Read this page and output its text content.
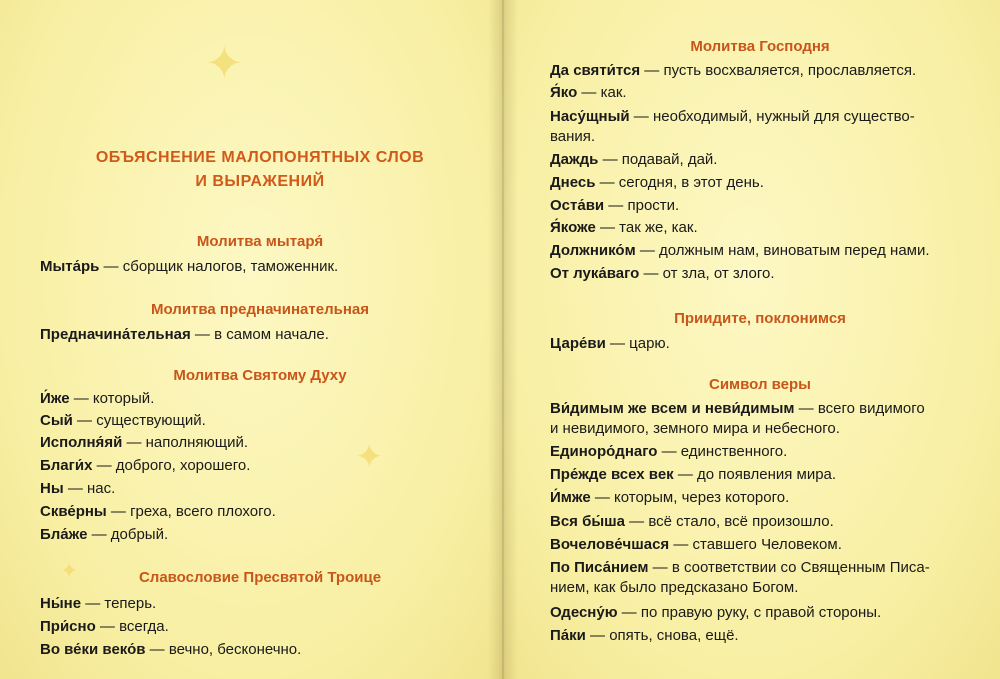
✦
✦
✦
ОБЪЯСНЕНИЕ МАЛОПОНЯТНЫХ СЛОВ
И ВЫРАЖЕНИЙ
Молитва мытаря́
Мыта́рь — сборщик налогов, таможенник.
Молитва предначинательная
Предначина́тельная — в самом начале.
Молитва Святому Духу
И́же — который.
Сый — существующий.
Исполня́яй — наполняющий.
Благи́х — доброго, хорошего.
Ны — нас.
Скве́рны — греха, всего плохого.
Бла́же — добрый.
Славословие Пресвятой Троице
Ны́не — теперь.
При́сно — всегда.
Во ве́ки веко́в — вечно, бесконечно.
Молитва Господня
Да святи́тся — пусть восхваляется, прославляется.
Я́ко — как.
Насу́щный — необходимый, нужный для существо-
вания.
Даждь — подавай, дай.
Днесь — сегодня, в этот день.
Оста́ви — прости.
Я́коже — так же, как.
Должнико́м — должным нам, виноватым перед нами.
От лука́ваго — от зла, от злого.
Приидите, поклонимся
Царе́ви — царю.
Символ веры
Ви́димым же всем и неви́димым — всего видимого
и невидимого, земного мира и небесного.
Единоро́днаго — единственного.
Пре́жде всех век — до появления мира.
И́мже — которым, через которого.
Вся бы́ша — всё стало, всё произошло.
Вочелове́чшася — ставшего Человеком.
По Писа́нием — в соответствии со Священным Писа-
нием, как было предсказано Богом.
Одесну́ю — по правую руку, с правой стороны.
Па́ки — опять, снова, ещё.
